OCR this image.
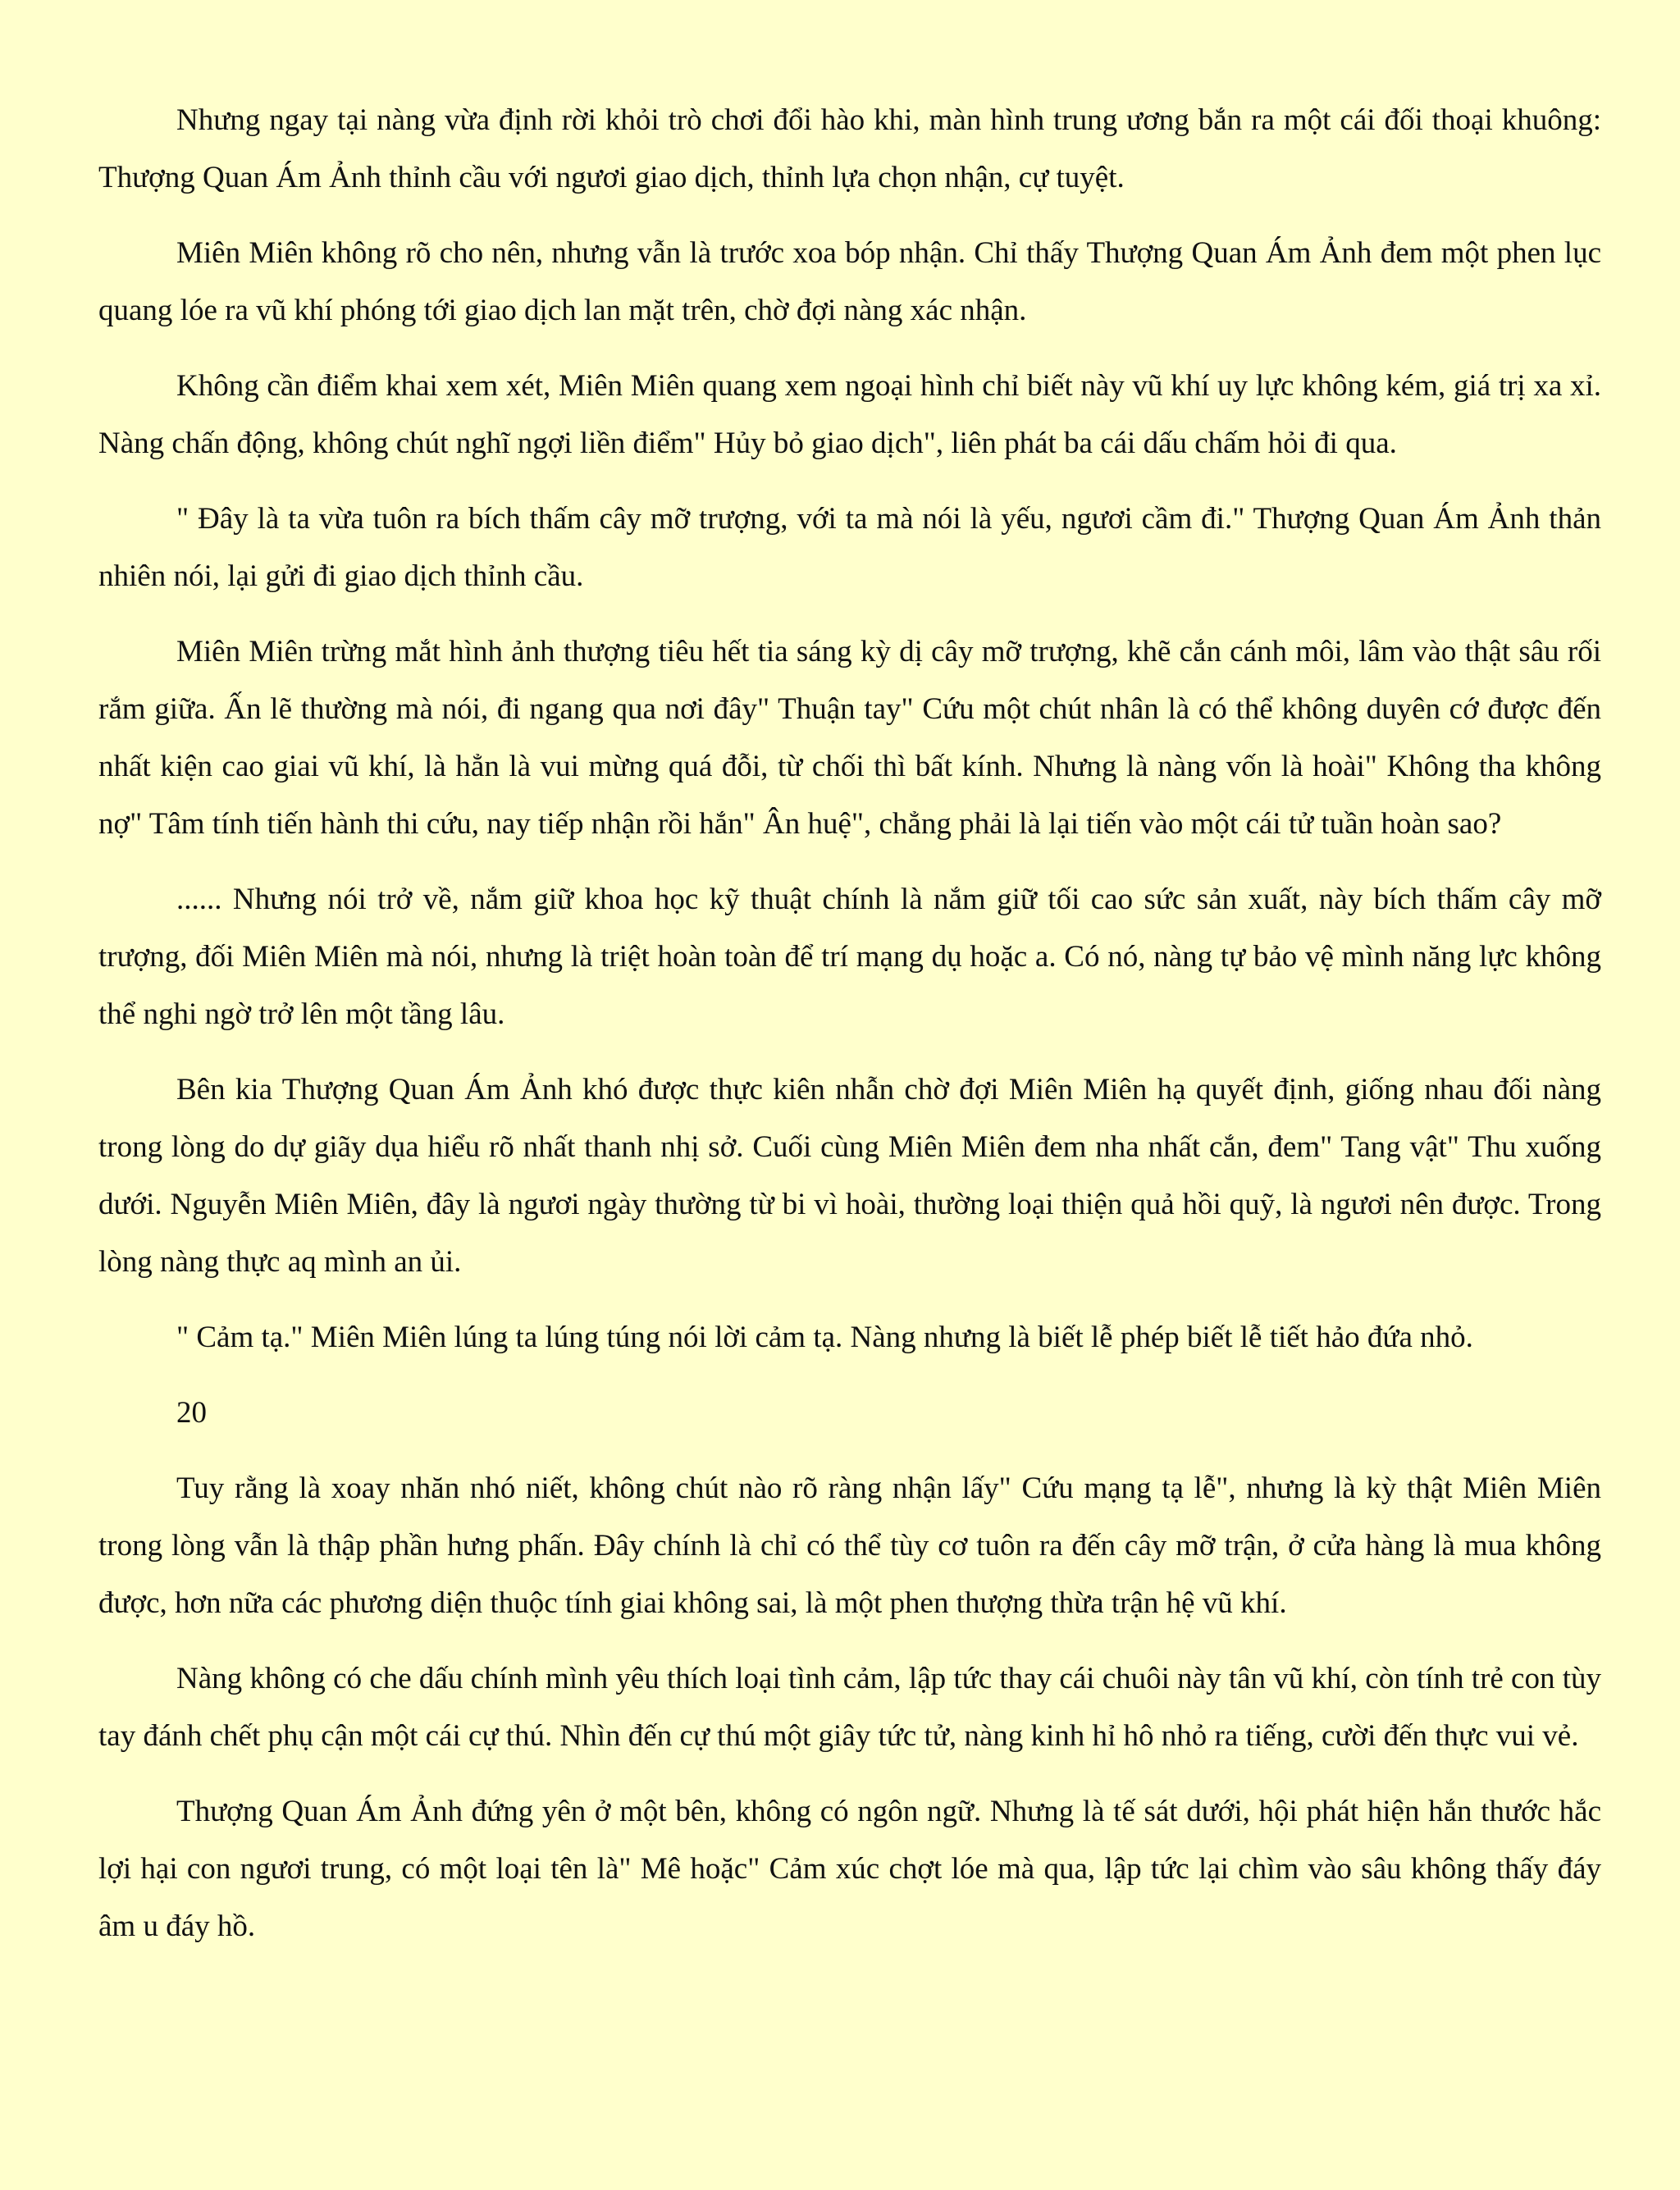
Nhưng ngay tại nàng vừa định rời khỏi trò chơi đổi hào khi, màn hình trung ương bắn ra một cái đối thoại khuông: Thượng Quan Ám Ảnh thỉnh cầu với ngươi giao dịch, thỉnh lựa chọn nhận, cự tuyệt.

Miên Miên không rõ cho nên, nhưng vẫn là trước xoa bóp nhận. Chỉ thấy Thượng Quan Ám Ảnh đem một phen lục quang lóe ra vũ khí phóng tới giao dịch lan mặt trên, chờ đợi nàng xác nhận.

Không cần điểm khai xem xét, Miên Miên quang xem ngoại hình chỉ biết này vũ khí uy lực không kém, giá trị xa xỉ. Nàng chấn động, không chút nghĩ ngợi liền điểm" Hủy bỏ giao dịch", liên phát ba cái dấu chấm hỏi đi qua.

" Đây là ta vừa tuôn ra bích thấm cây mỡ trượng, với ta mà nói là yếu, ngươi cầm đi." Thượng Quan Ám Ảnh thản nhiên nói, lại gửi đi giao dịch thỉnh cầu.

Miên Miên trừng mắt hình ảnh thượng tiêu hết tia sáng kỳ dị cây mỡ trượng, khẽ cắn cánh môi, lâm vào thật sâu rối rắm giữa. Ấn lẽ thường mà nói, đi ngang qua nơi đây" Thuận tay" Cứu một chút nhân là có thể không duyên cớ được đến nhất kiện cao giai vũ khí, là hẳn là vui mừng quá đỗi, từ chối thì bất kính. Nhưng là nàng vốn là hoài" Không tha không nợ" Tâm tính tiến hành thi cứu, nay tiếp nhận rồi hắn" Ân huệ", chẳng phải là lại tiến vào một cái tử tuần hoàn sao?

...... Nhưng nói trở về, nắm giữ khoa học kỹ thuật chính là nắm giữ tối cao sức sản xuất, này bích thấm cây mỡ trượng, đối Miên Miên mà nói, nhưng là triệt hoàn toàn để trí mạng dụ hoặc a. Có nó, nàng tự bảo vệ mình năng lực không thể nghi ngờ trở lên một tầng lâu.

Bên kia Thượng Quan Ám Ảnh khó được thực kiên nhẫn chờ đợi Miên Miên hạ quyết định, giống nhau đối nàng trong lòng do dự giãy dụa hiểu rõ nhất thanh nhị sở. Cuối cùng Miên Miên đem nha nhất cắn, đem" Tang vật" Thu xuống dưới. Nguyễn Miên Miên, đây là ngươi ngày thường từ bi vì hoài, thường loại thiện quả hồi quỹ, là ngươi nên được. Trong lòng nàng thực aq mình an ủi.

" Cảm tạ." Miên Miên lúng ta lúng túng nói lời cảm tạ. Nàng nhưng là biết lễ phép biết lễ tiết hảo đứa nhỏ.

20

Tuy rằng là xoay nhăn nhó niết, không chút nào rõ ràng nhận lấy" Cứu mạng tạ lễ", nhưng là kỳ thật Miên Miên trong lòng vẫn là thập phần hưng phấn. Đây chính là chỉ có thể tùy cơ tuôn ra đến cây mỡ trận, ở cửa hàng là mua không được, hơn nữa các phương diện thuộc tính giai không sai, là một phen thượng thừa trận hệ vũ khí.

Nàng không có che dấu chính mình yêu thích loại tình cảm, lập tức thay cái chuôi này tân vũ khí, còn tính trẻ con tùy tay đánh chết phụ cận một cái cự thú. Nhìn đến cự thú một giây tức tử, nàng kinh hỉ hô nhỏ ra tiếng, cười đến thực vui vẻ.

Thượng Quan Ám Ảnh đứng yên ở một bên, không có ngôn ngữ. Nhưng là tế sát dưới, hội phát hiện hắn thước hắc lợi hại con ngươi trung, có một loại tên là" Mê hoặc" Cảm xúc chợt lóe mà qua, lập tức lại chìm vào sâu không thấy đáy âm u đáy hồ.
